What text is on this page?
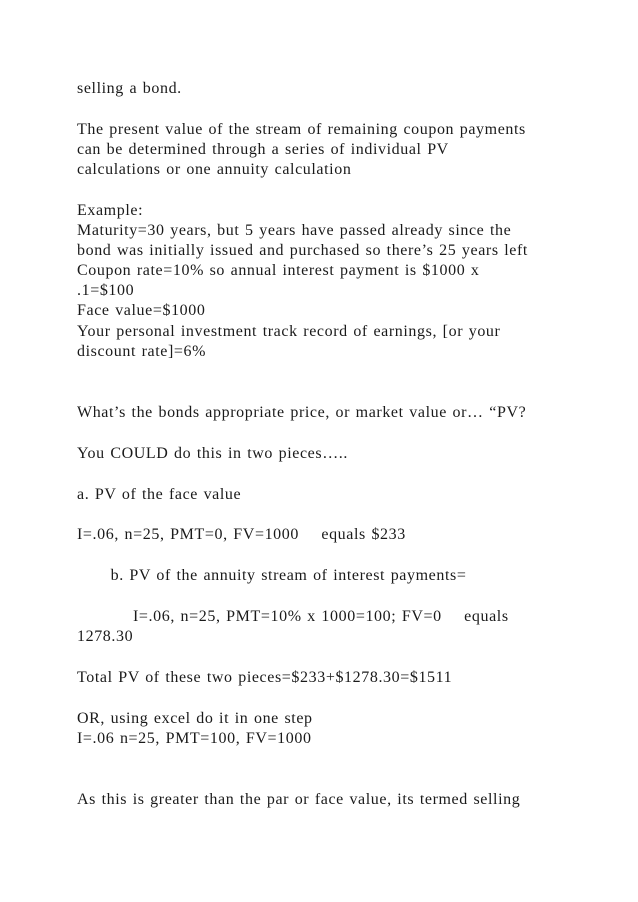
selling a bond.

The present value of the stream of remaining coupon payments

can be determined through a series of individual PV

calculations or one annuity calculation

Example:

Maturity=30 years, but 5 years have passed already since the

bond was initially issued and purchased so there’s 25 years left

Coupon rate=10% so annual interest payment is $1000 x

.1=$100

Face value=$1000

Your personal investment track record of earnings, [or your

discount rate]=6%

What’s the bonds appropriate price, or market value or… “PV?

You COULD do this in two pieces…..

a. PV of the face value

I=.06, n=25, PMT=0, FV=1000    equals $233

b. PV of the annuity stream of interest payments=

I=.06, n=25, PMT=10% x 1000=100; FV=0    equals

1278.30

Total PV of these two pieces=$233+$1278.30=$1511

OR, using excel do it in one step

I=.06 n=25, PMT=100, FV=1000

As this is greater than the par or face value, its termed selling
